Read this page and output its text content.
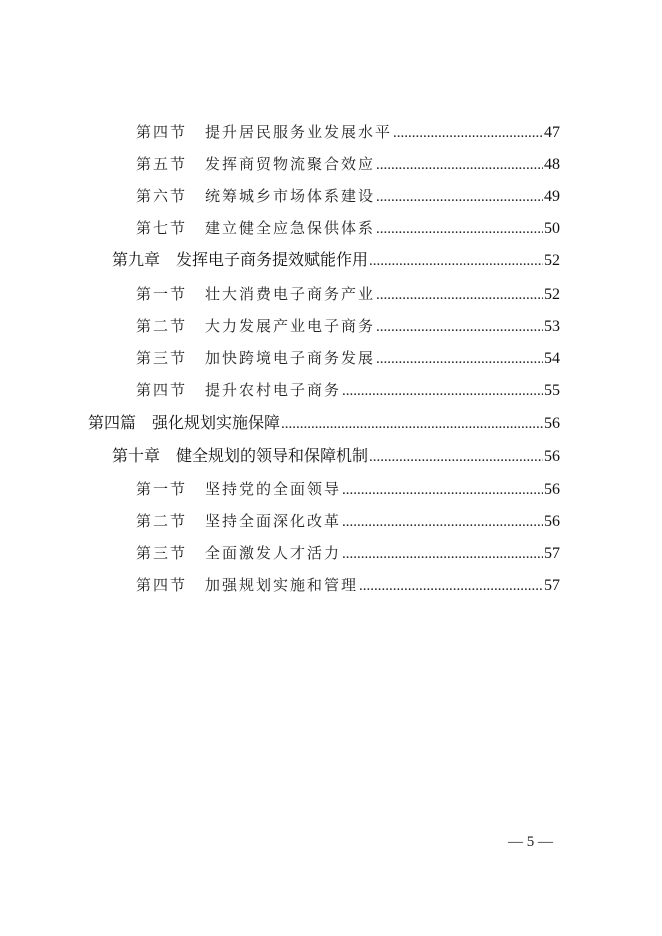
第四节 提升居民服务业发展水平 .....	47
第五节 发挥商贸物流聚合效应 .....	48
第六节 统筹城乡市场体系建设 .....	49
第七节 建立健全应急保供体系 .....	50
第九章 发挥电子商务提效赋能作用 .....	52
第一节 壮大消费电子商务产业 .....	52
第二节 大力发展产业电子商务 .....	53
第三节 加快跨境电子商务发展 .....	54
第四节 提升农村电子商务 .....	55
第四篇 强化规划实施保障 .....	56
第十章 健全规划的领导和保障机制 .....	56
第一节 坚持党的全面领导 .....	56
第二节 坚持全面深化改革 .....	56
第三节 全面激发人才活力 .....	57
第四节 加强规划实施和管理 .....	57
— 5 —
